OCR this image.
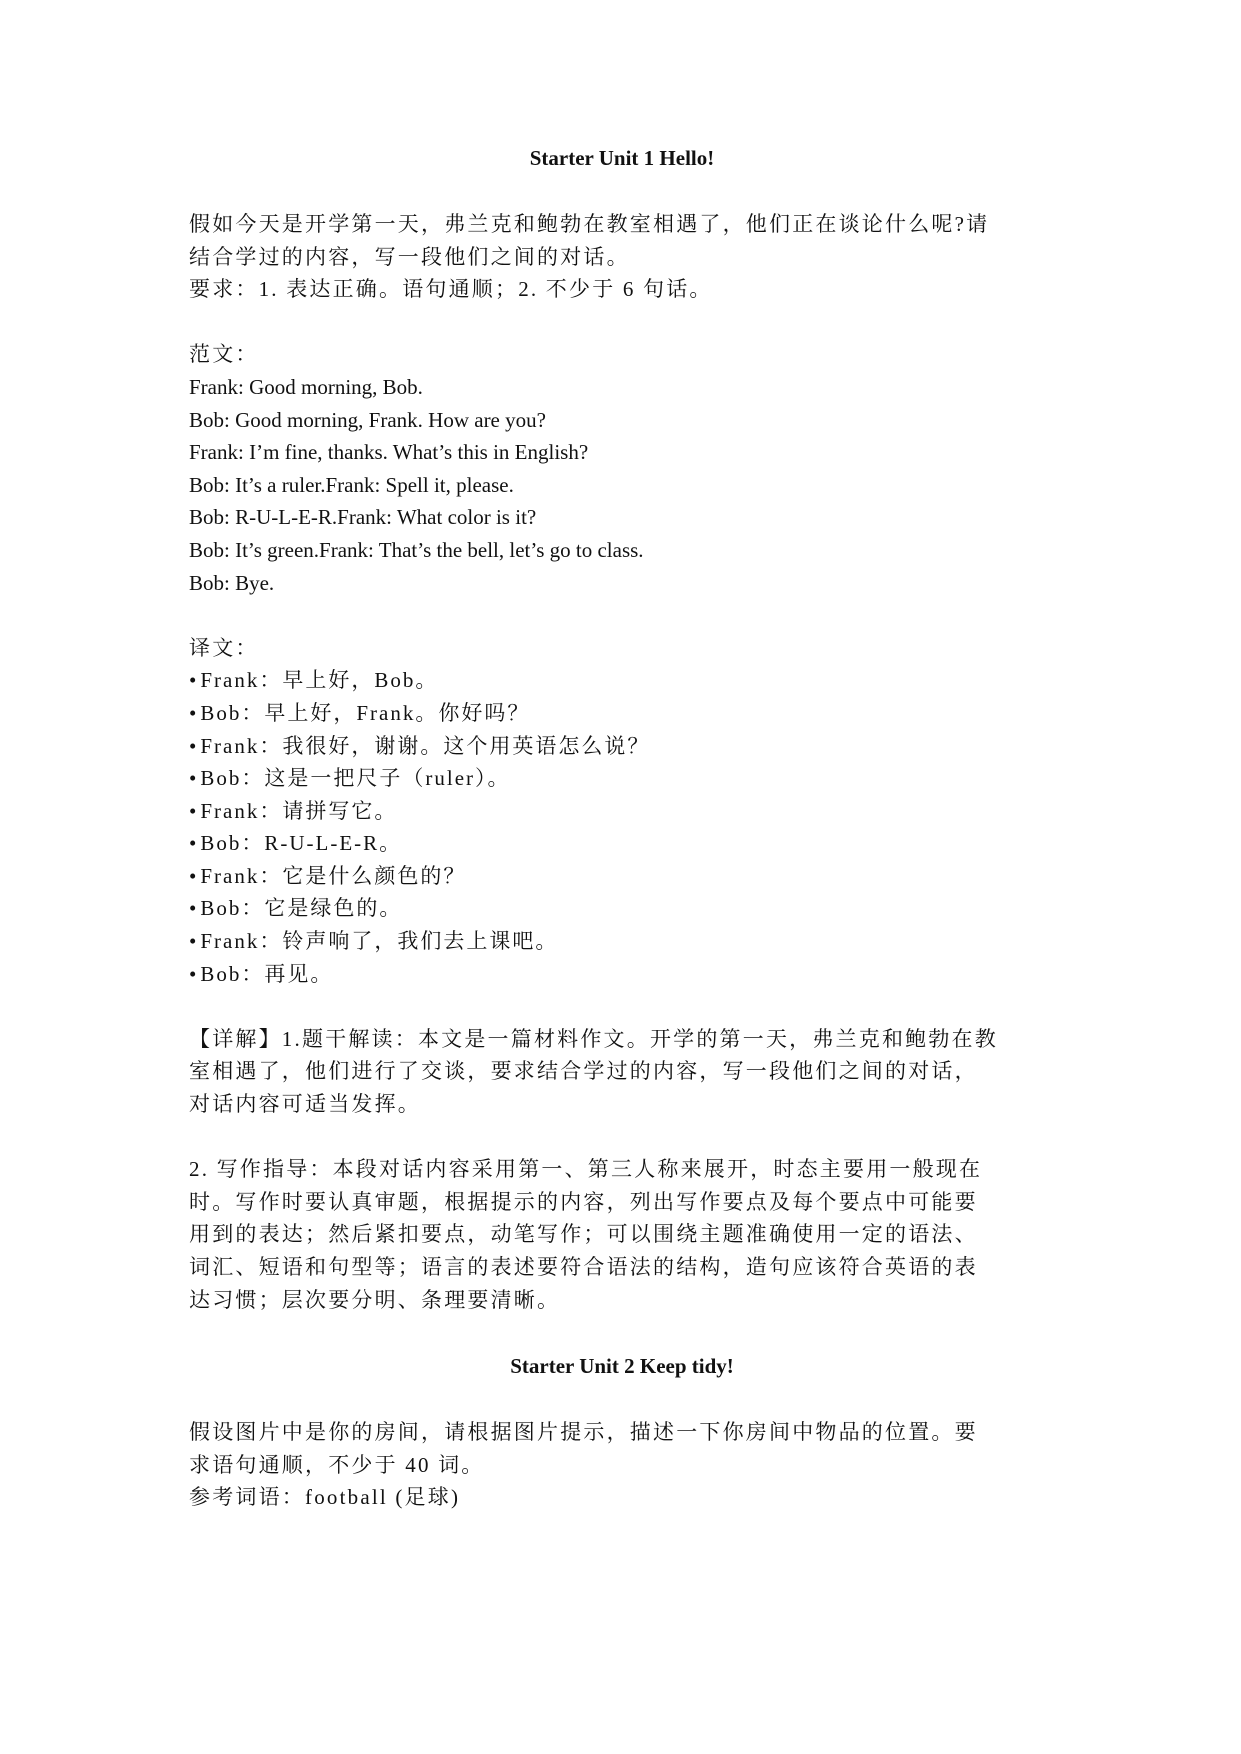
Starter Unit 1 Hello!

假如今天是开学第一天，弗兰克和鲍勃在教室相遇了，他们正在谈论什么呢?请

结合学过的内容，写一段他们之间的对话。

要求：1. 表达正确。语句通顺；2. 不少于 6 句话。

范文：

Frank: Good morning, Bob.

Bob: Good morning, Frank. How are you?

Frank: I’m fine, thanks. What’s this in English?

Bob: It’s a ruler.Frank: Spell it, please.

Bob: R-U-L-E-R.Frank: What color is it?

Bob: It’s green.Frank: That’s the bell, let’s go to class.

Bob: Bye.

译文：

• Frank：早上好，Bob。
• Bob：早上好，Frank。你好吗？
• Frank：我很好，谢谢。这个用英语怎么说？
• Bob：这是一把尺子（ruler）。
• Frank：请拼写它。
• Bob：R-U-L-E-R。
• Frank：它是什么颜色的？
• Bob：它是绿色的。
• Frank：铃声响了，我们去上课吧。
• Bob：再见。

【详解】1.题干解读：本文是一篇材料作文。开学的第一天，弗兰克和鲍勃在教

室相遇了，他们进行了交谈，要求结合学过的内容，写一段他们之间的对话，

对话内容可适当发挥。

2. 写作指导：本段对话内容采用第一、第三人称来展开，时态主要用一般现在

时。写作时要认真审题，根据提示的内容，列出写作要点及每个要点中可能要

用到的表达；然后紧扣要点，动笔写作；可以围绕主题准确使用一定的语法、

词汇、短语和句型等；语言的表述要符合语法的结构，造句应该符合英语的表

达习惯；层次要分明、条理要清晰。

Starter Unit 2 Keep tidy!

假设图片中是你的房间，请根据图片提示，描述一下你房间中物品的位置。要

求语句通顺，不少于 40 词。

参考词语：football (足球)
